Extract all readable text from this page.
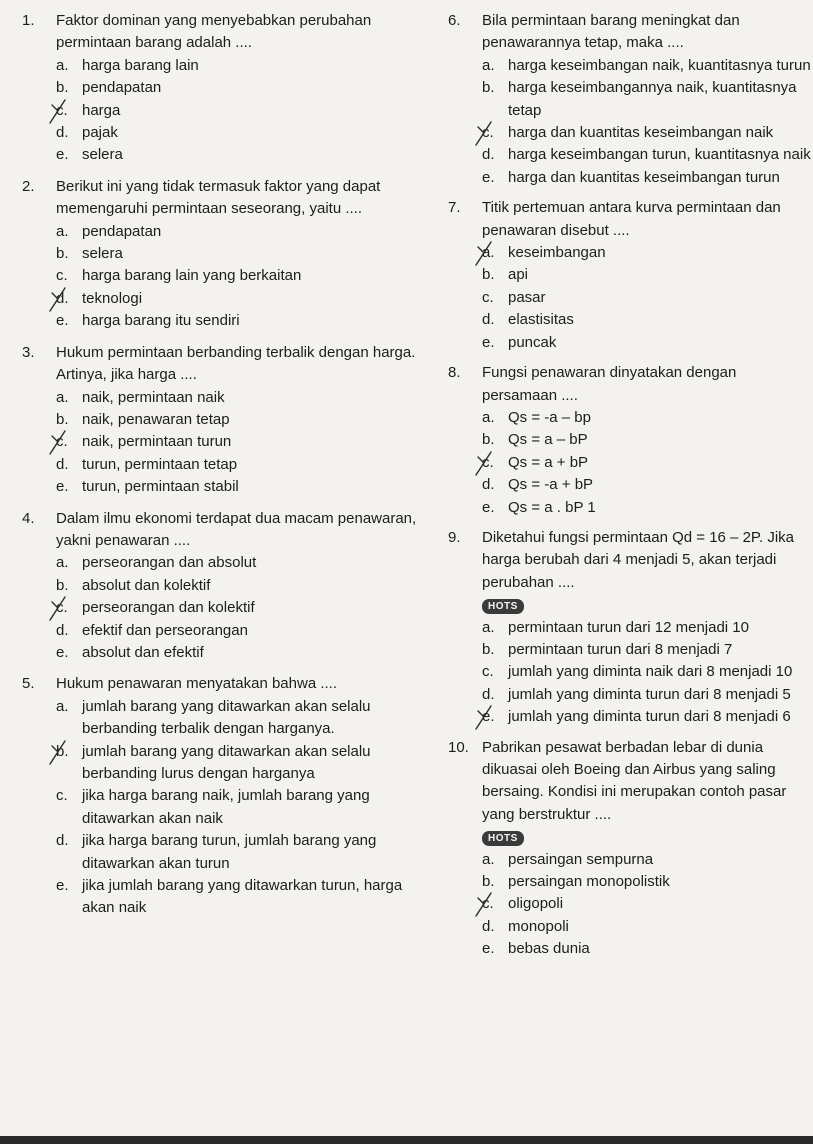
1.	Faktor dominan yang menyebabkan perubahan permintaan barang adalah ....
a. harga barang lain
b. pendapatan
c. harga
d. pajak
e. selera
2.	Berikut ini yang tidak termasuk faktor yang dapat memengaruhi permintaan seseorang, yaitu ....
a. pendapatan
b. selera
c. harga barang lain yang berkaitan
d. teknologi
e. harga barang itu sendiri
3.	Hukum permintaan berbanding terbalik dengan harga. Artinya, jika harga ....
a. naik, permintaan naik
b. naik, penawaran tetap
c. naik, permintaan turun
d. turun, permintaan tetap
e. turun, permintaan stabil
4.	Dalam ilmu ekonomi terdapat dua macam penawaran, yakni penawaran ....
a. perseorangan dan absolut
b. absolut dan kolektif
c. perseorangan dan kolektif
d. efektif dan perseorangan
e. absolut dan efektif
5.	Hukum penawaran menyatakan bahwa ....
a. jumlah barang yang ditawarkan akan selalu berbanding terbalik dengan harganya.
b. jumlah barang yang ditawarkan akan selalu berbanding lurus dengan harganya
c. jika harga barang naik, jumlah barang yang ditawarkan akan naik
d. jika harga barang turun, jumlah barang yang ditawarkan akan turun
e. jika jumlah barang yang ditawarkan turun, harga akan naik
6.	Bila permintaan barang meningkat dan penawarannya tetap, maka ....
a. harga keseimbangan naik, kuantitasnya turun
b. harga keseimbangannya naik, kuantitasnya tetap
c. harga dan kuantitas keseimbangan naik
d. harga keseimbangan turun, kuantitasnya naik
e. harga dan kuantitas keseimbangan turun
7.	Titik pertemuan antara kurva permintaan dan penawaran disebut ....
a. keseimbangan
b. api
c. pasar
d. elastisitas
e. puncak
8.	Fungsi penawaran dinyatakan dengan persamaan ....
a. Qs = -a – bp
b. Qs = a – bP
c. Qs = a + bP
d. Qs = -a + bP
e. Qs = a . bP 1
9.	Diketahui fungsi permintaan Qd = 16 – 2P. Jika harga berubah dari 4 menjadi 5, akan terjadi perubahan ....
HOTS
a. permintaan turun dari 12 menjadi 10
b. permintaan turun dari 8 menjadi 7
c. jumlah yang diminta naik dari 8 menjadi 10
d. jumlah yang diminta turun dari 8 menjadi 5
e. jumlah yang diminta turun dari 8 menjadi 6
10. Pabrikan pesawat berbadan lebar di dunia dikuasai oleh Boeing dan Airbus yang saling bersaing. Kondisi ini merupakan contoh pasar yang berstruktur ....
HOTS
a. persaingan sempurna
b. persaingan monopolistik
c. oligopoli
d. monopoli
e. bebas dunia
